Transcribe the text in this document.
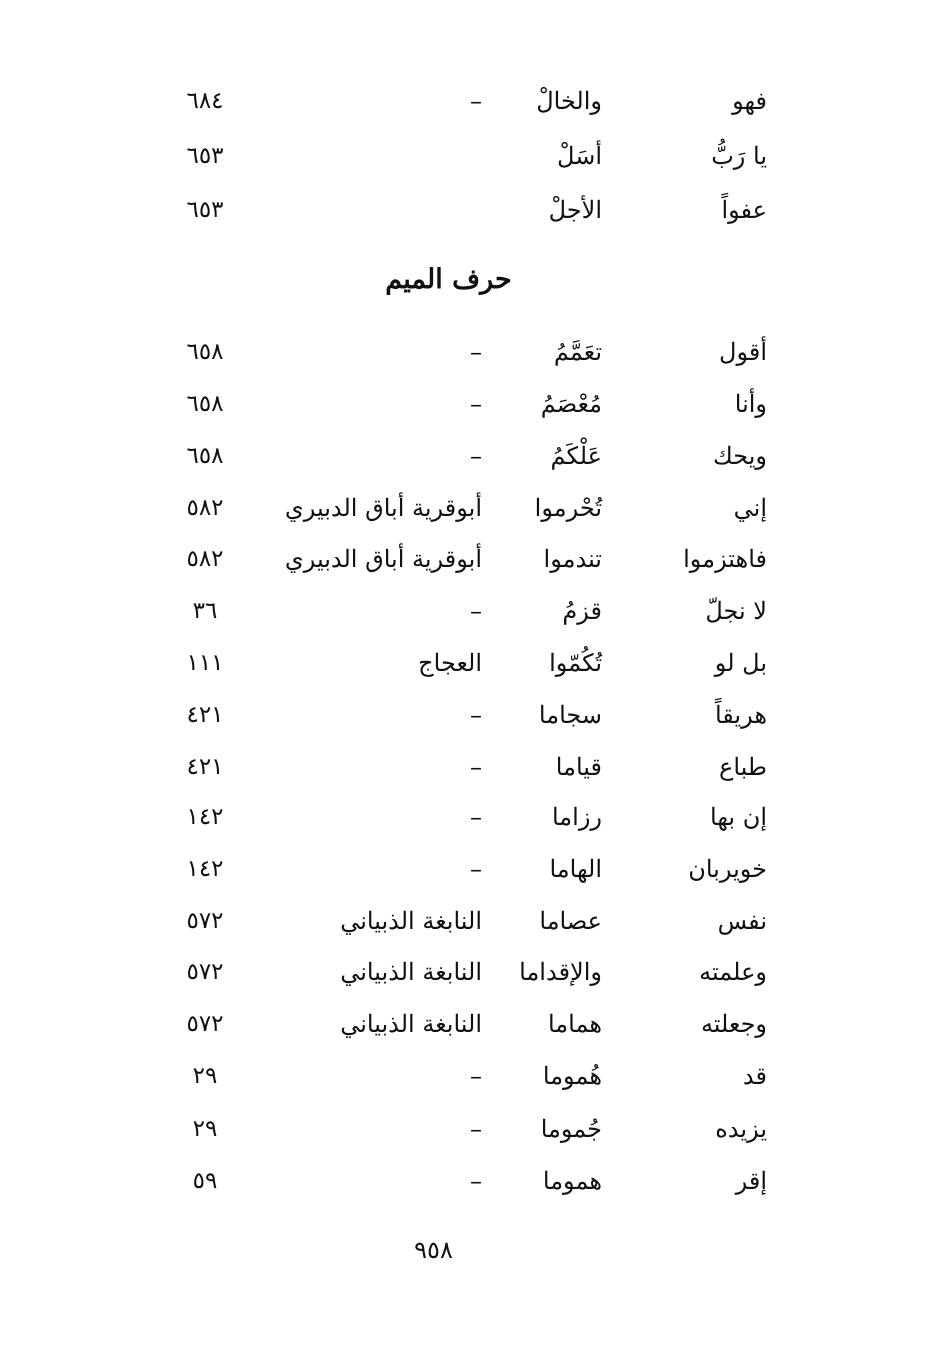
فهو
والخالْ
–
٦٨٤
يا رَبُّ
أسَلْ
٦٥٣
عفواً
الأجلْ
٦٥٣
حرف الميم
أقول
تعَمَّمُ
–
٦٥٨
وأنا
مُعْصَمُ
–
٦٥٨
ويحك
عَلْكَمُ
–
٦٥٨
إني
تُحْرموا
أبوقرية أباق الدبيري
٥٨٢
فاهتزموا
تندموا
أبوقرية أباق الدبيري
٥٨٢
لا نجلّ
قزمُ
–
٣٦
بل لو
تُكُمّوا
العجاج
١١١
هريقاً
سجاما
–
٤٢١
طباع
قياما
–
٤٢١
إن بها
رزاما
–
١٤٢
خويربان
الهاما
–
١٤٢
نفس
عصاما
النابغة الذبياني
٥٧٢
وعلمته
والإقداما
النابغة الذبياني
٥٧٢
وجعلته
هماما
النابغة الذبياني
٥٧٢
قد
هُموما
–
٢٩
يزيده
جُموما
–
٢٩
إقر
هموما
–
٥٩
٩٥٨
